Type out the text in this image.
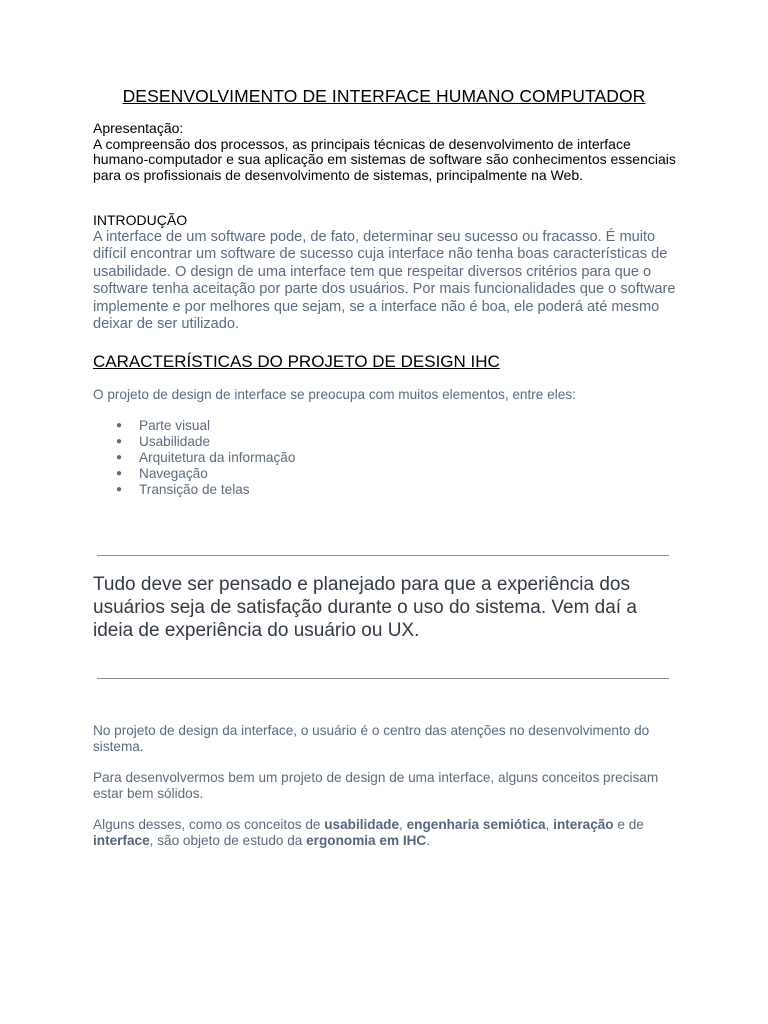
DESENVOLVIMENTO DE INTERFACE HUMANO COMPUTADOR
Apresentação:
A compreensão dos processos, as principais técnicas de desenvolvimento de interface humano-computador e sua aplicação em sistemas de software são conhecimentos essenciais para os profissionais de desenvolvimento de sistemas, principalmente na Web.
INTRODUÇÃO
A interface de um software pode, de fato, determinar seu sucesso ou fracasso. É muito difícil encontrar um software de sucesso cuja interface não tenha boas características de usabilidade. O design de uma interface tem que respeitar diversos critérios para que o software tenha aceitação por parte dos usuários. Por mais funcionalidades que o software implemente e por melhores que sejam, se a interface não é boa, ele poderá até mesmo deixar de ser utilizado.
CARACTERÍSTICAS DO PROJETO DE DESIGN IHC
O projeto de design de interface se preocupa com muitos elementos, entre eles:
● Parte visual
● Usabilidade
● Arquitetura da informação
● Navegação
● Transição de telas
Tudo deve ser pensado e planejado para que a experiência dos usuários seja de satisfação durante o uso do sistema. Vem daí a ideia de experiência do usuário ou UX.
No projeto de design da interface, o usuário é o centro das atenções no desenvolvimento do sistema.
Para desenvolvermos bem um projeto de design de uma interface, alguns conceitos precisam estar bem sólidos.
Alguns desses, como os conceitos de usabilidade, engenharia semiótica, interação e de interface, são objeto de estudo da ergonomia em IHC.
